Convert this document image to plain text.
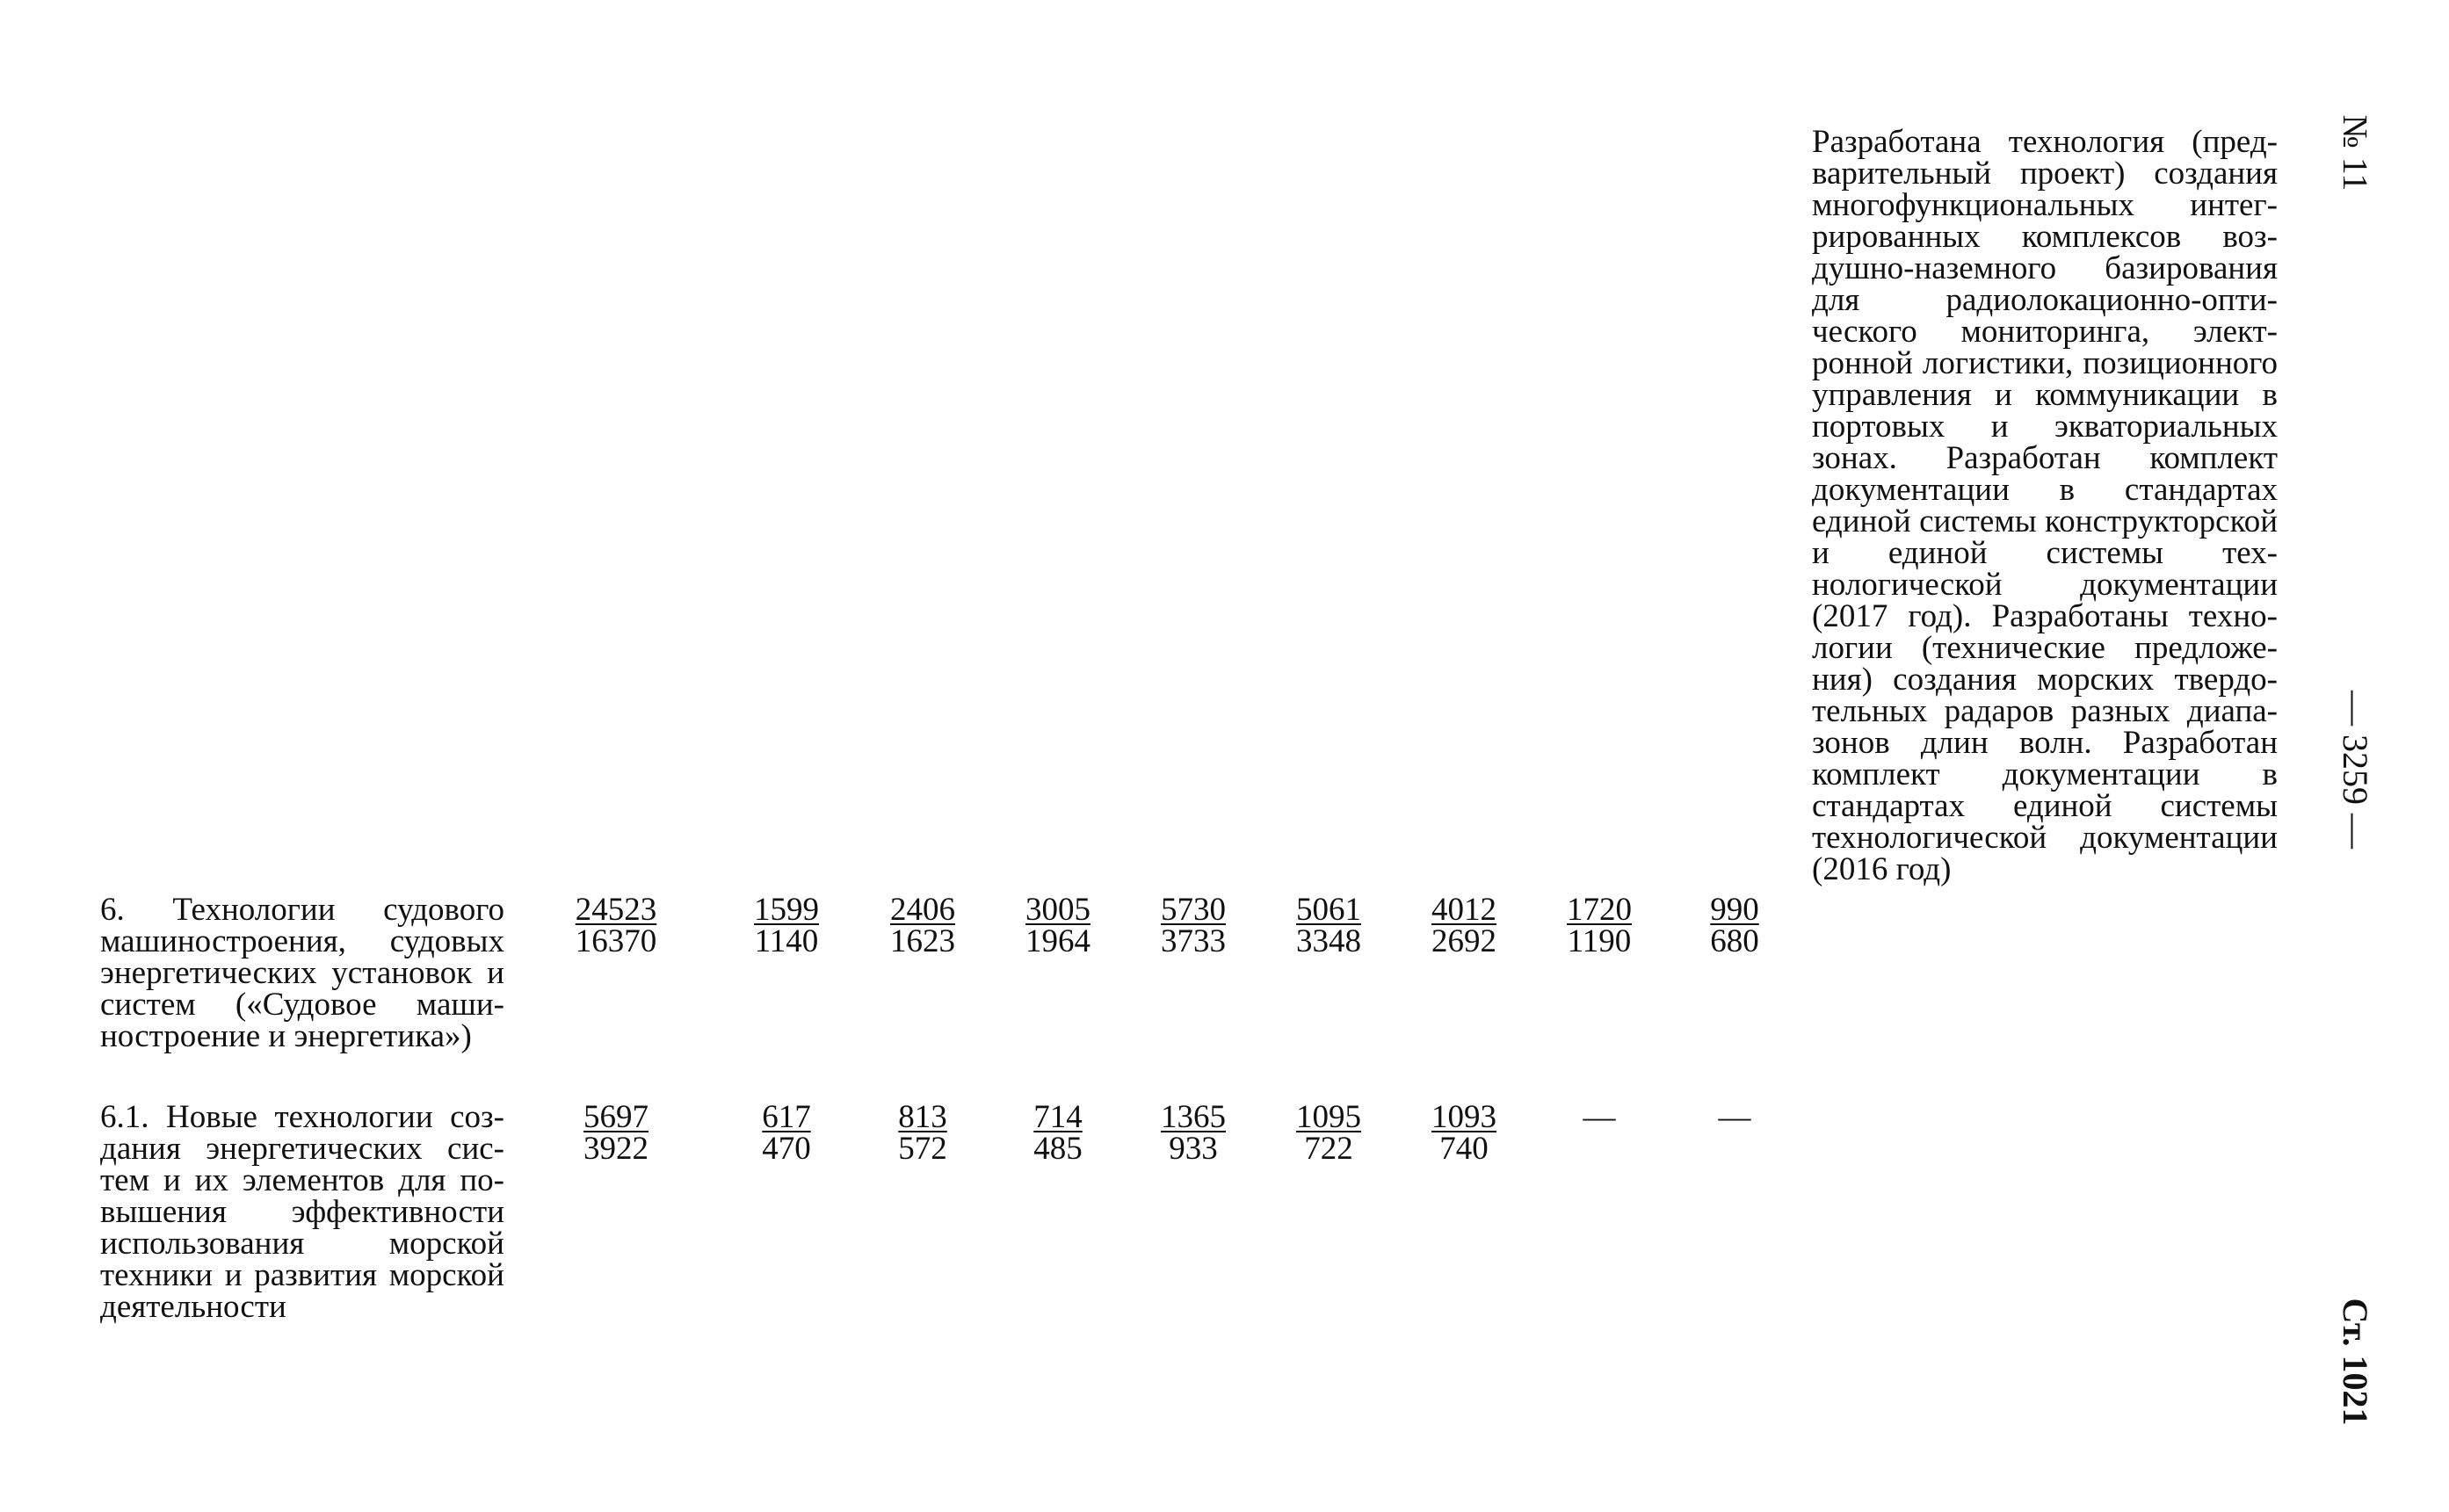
Разработана технология (предварительный проект) создания многофункциональных интегрированных комплексов воздушно-наземного базирования для радиолокационно-оптического мониторинга, электронной логистики, позиционного управления и коммуникации в портовых и экваториальных зонах. Разработан комплект документации в стандартах единой системы конструкторской и единой системы технологической документации (2017 год). Разработаны технологии (технические предложения) создания морских твердотельных радаров разных диапазонов длин волн. Разработан комплект документации в стандартах единой системы технологической документации (2016 год)
6. Технологии судового машиностроения, судовых энергетических установок и систем («Судовое машиностроение и энергетика»)
$\frac{24523}{16370} \frac{1599}{1140} \frac{2406}{1623} \frac{3005}{1964} \frac{5730}{3733} \frac{5061}{3348} \frac{4012}{2692} \frac{1720}{1190} \frac{990}{680}$
6.1. Новые технологии создания энергетических систем и их элементов для повышения эффективности использования морской техники и развития морской деятельности
$\frac{5697}{3922} \frac{617}{470} \frac{813}{572} \frac{714}{485} \frac{1365}{933} \frac{1095}{722} \frac{1093}{740}$	—	—
№ 11
— 3259 —
Ст. 1021
